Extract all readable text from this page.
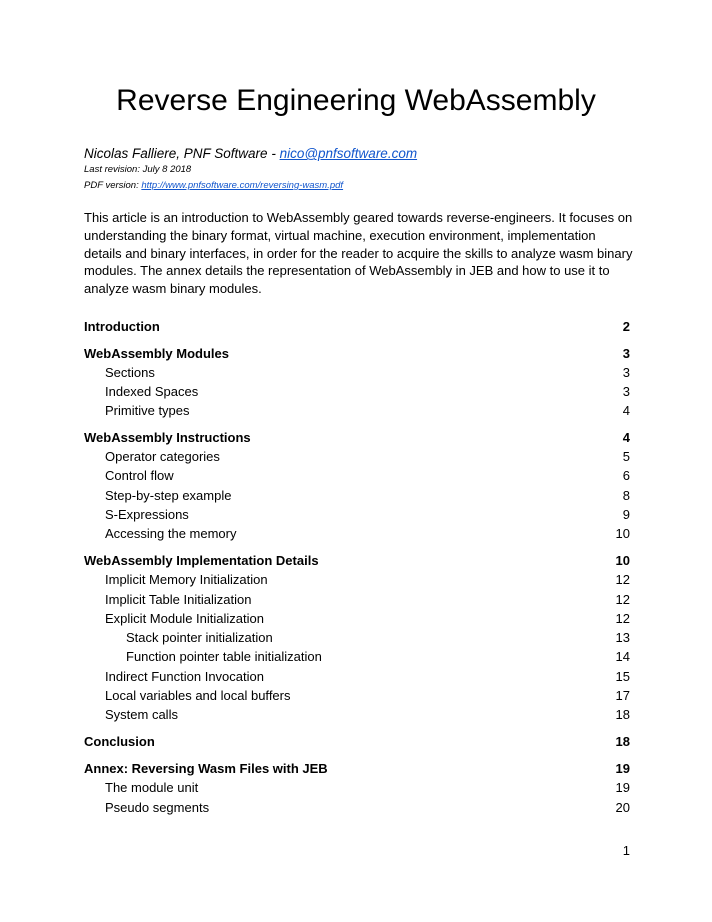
Reverse Engineering WebAssembly
Nicolas Falliere, PNF Software - nico@pnfsoftware.com
Last revision: July 8 2018
PDF version: http://www.pnfsoftware.com/reversing-wasm.pdf
This article is an introduction to WebAssembly geared towards reverse-engineers. It focuses on understanding the binary format, virtual machine, execution environment, implementation details and binary interfaces, in order for the reader to acquire the skills to analyze wasm binary modules. The annex details the representation of WebAssembly in JEB and how to use it to analyze wasm binary modules.
Introduction	2
WebAssembly Modules	3
Sections	3
Indexed Spaces	3
Primitive types	4
WebAssembly Instructions	4
Operator categories	5
Control flow	6
Step-by-step example	8
S-Expressions	9
Accessing the memory	10
WebAssembly Implementation Details	10
Implicit Memory Initialization	12
Implicit Table Initialization	12
Explicit Module Initialization	12
Stack pointer initialization	13
Function pointer table initialization	14
Indirect Function Invocation	15
Local variables and local buffers	17
System calls	18
Conclusion	18
Annex: Reversing Wasm Files with JEB	19
The module unit	19
Pseudo segments	20
1
